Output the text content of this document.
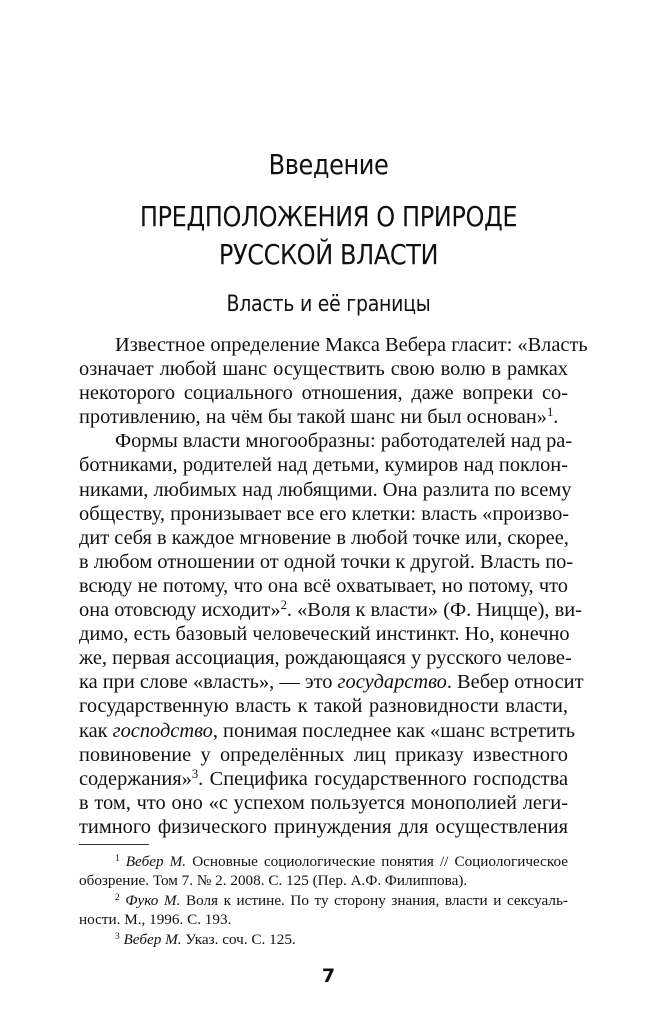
Введение
ПРЕДПОЛОЖЕНИЯ О ПРИРОДЕ
РУССКОЙ ВЛАСТИ
Власть и её границы
Известное определение Макса Вебера гласит: «Власть
означает любой шанс осуществить свою волю в рамках
некоторого социального отношения, даже вопреки со-
противлению, на чём бы такой шанс ни был основан»$^1$.
Формы власти многообразны: работодателей над ра-
ботниками, родителей над детьми, кумиров над поклон-
никами, любимых над любящими. Она разлита по всему
обществу, пронизывает все его клетки: власть «произво-
дит себя в каждое мгновение в любой точке или, скорее,
в любом отношении от одной точки к другой. Власть по-
всюду не потому, что она всё охватывает, но потому, что
она отовсюду исходит»$^2$. «Воля к власти» (Ф. Ницще), ви-
димо, есть базовый человеческий инстинкт. Но, конечно
же, первая ассоциация, рождающаяся у русского челове-
ка при слове «власть», — это государство. Вебер относит
государственную власть к такой разновидности власти,
как господство, понимая последнее как «шанс встретить
повиновение у определённых лиц приказу известного
содержания»$^3$. Специфика государственного господства
в том, что оно «с успехом пользуется монополией леги-
тимного физического принуждения для осуществления
$^1$ Вебер М. Основные социологические понятия // Социологическое
обозрение. Том 7. № 2. 2008. С. 125 (Пер. А.Ф. Филиппова).
$^2$ Фуко М. Воля к истине. По ту сторону знания, власти и сексуаль-
ности. М., 1996. С. 193.
$^3$ Вебер М. Указ. соч. С. 125.
7
